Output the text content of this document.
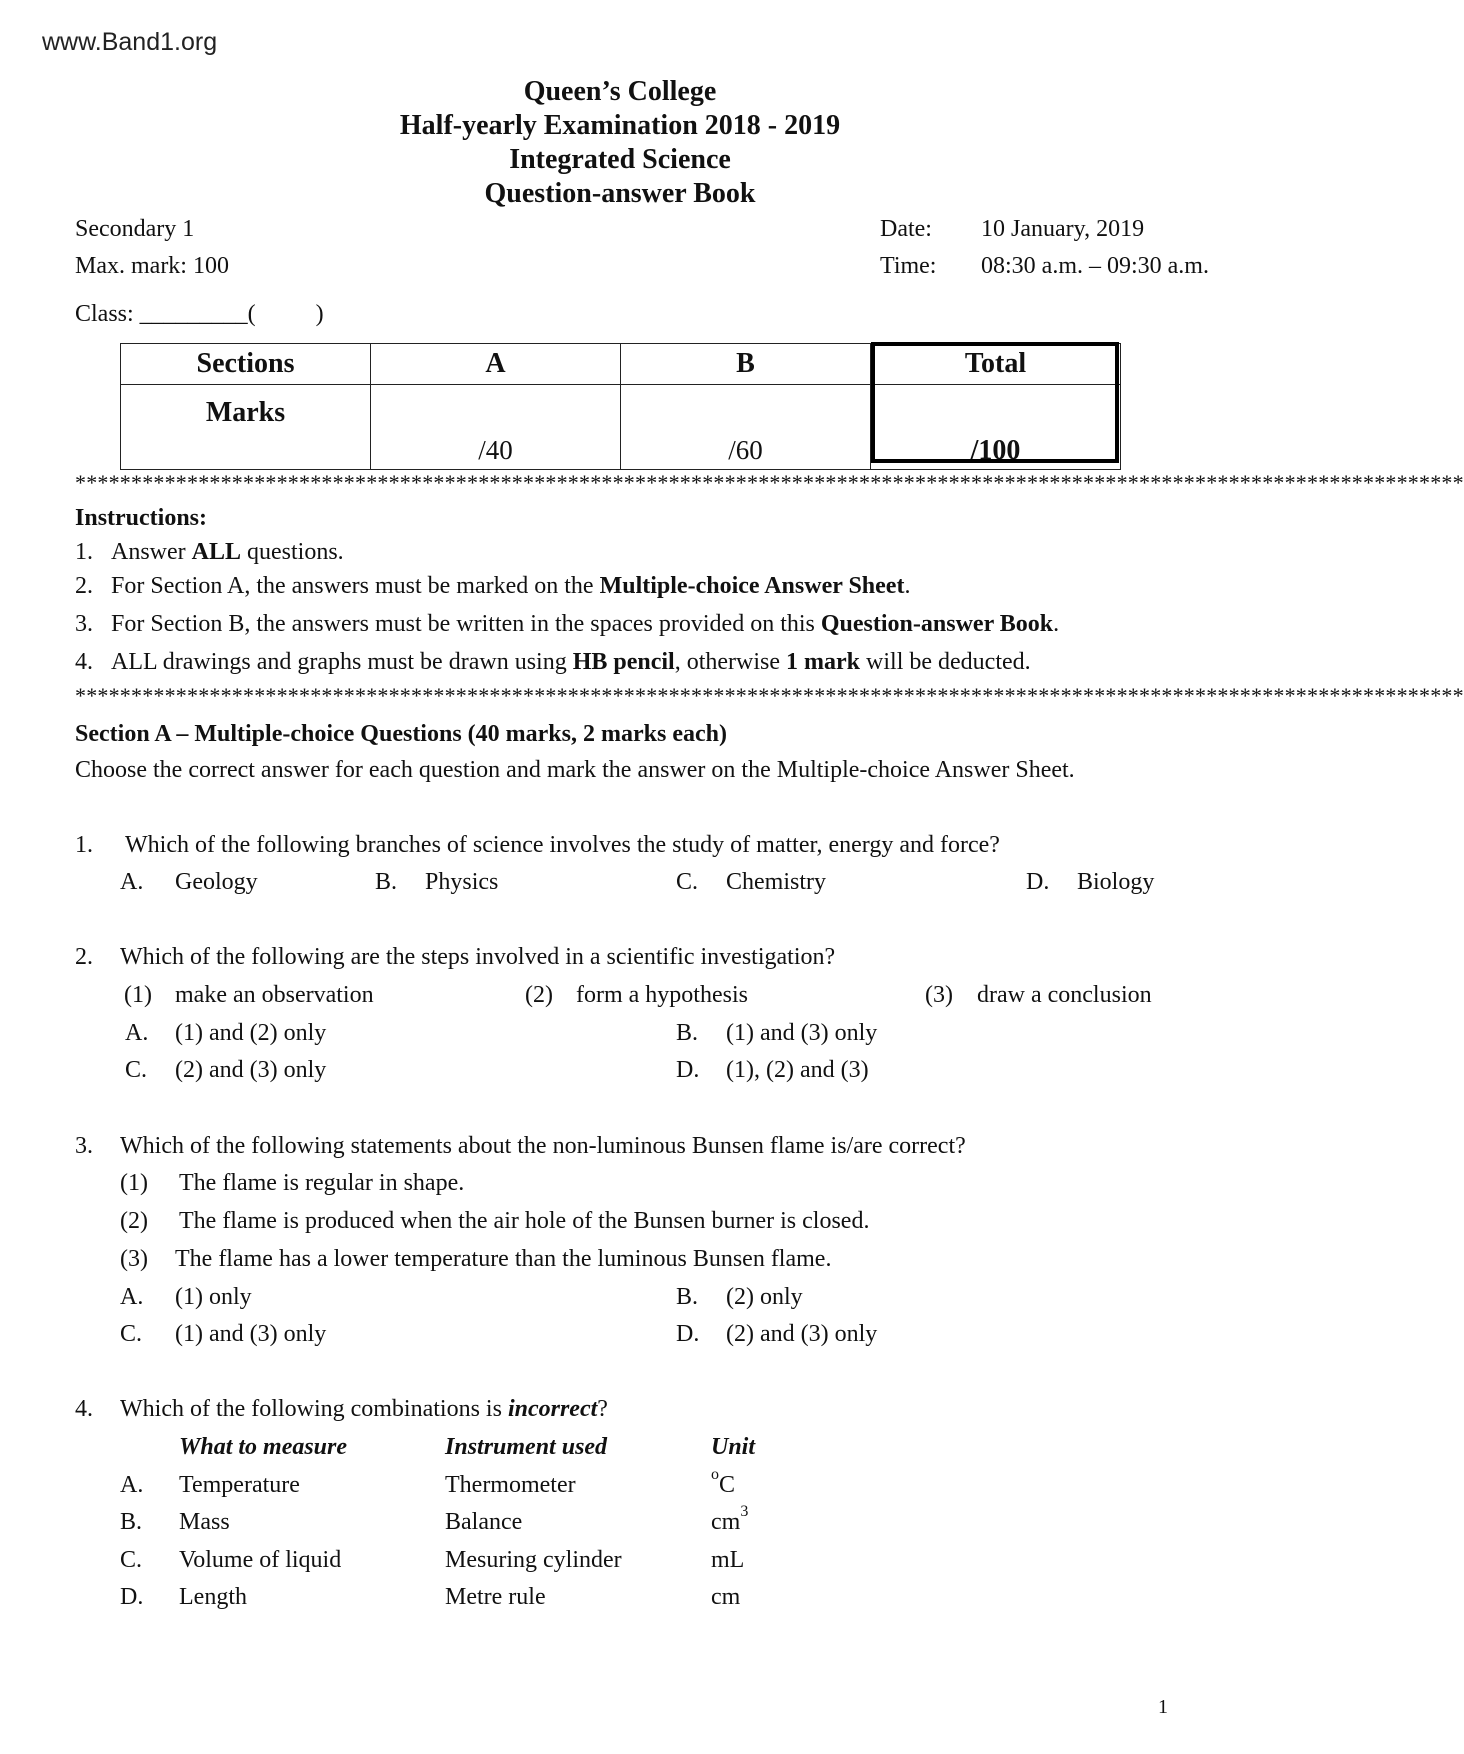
www.Band1.org
Queen’s College
Half-yearly Examination 2018 - 2019
Integrated Science
Question-answer Book
Secondary 1
Max. mark: 100
Class: _________(          )
Date: 10 January, 2019
Time: 08:30 a.m. – 09:30 a.m.
Sections	A	B	Total
Marks	/40	/60	/100
****************************************************************************************************************************
Instructions:
1. Answer ALL questions.
2. For Section A, the answers must be marked on the Multiple-choice Answer Sheet.
3. For Section B, the answers must be written in the spaces provided on this Question-answer Book.
4. ALL drawings and graphs must be drawn using HB pencil, otherwise 1 mark will be deducted.
****************************************************************************************************************************
Section A – Multiple-choice Questions (40 marks, 2 marks each)
Choose the correct answer for each question and mark the answer on the Multiple-choice Answer Sheet.
1. Which of the following branches of science involves the study of matter, energy and force?
A. Geology	B. Physics	C. Chemistry	D. Biology
2. Which of the following are the steps involved in a scientific investigation?
(1) make an observation	(2) form a hypothesis	(3) draw a conclusion
A. (1) and (2) only	B. (1) and (3) only
C. (2) and (3) only	D. (1), (2) and (3)
3. Which of the following statements about the non-luminous Bunsen flame is/are correct?
(1) The flame is regular in shape.
(2) The flame is produced when the air hole of the Bunsen burner is closed.
(3) The flame has a lower temperature than the luminous Bunsen flame.
A. (1) only	B. (2) only
C. (1) and (3) only	D. (2) and (3) only
4. Which of the following combinations is incorrect?
What to measure	Instrument used	Unit
A. Temperature	Thermometer	$^o$C
B. Mass	Balance	$cm^3$
C. Volume of liquid	Mesuring cylinder	mL
D. Length	Metre rule	cm
1
